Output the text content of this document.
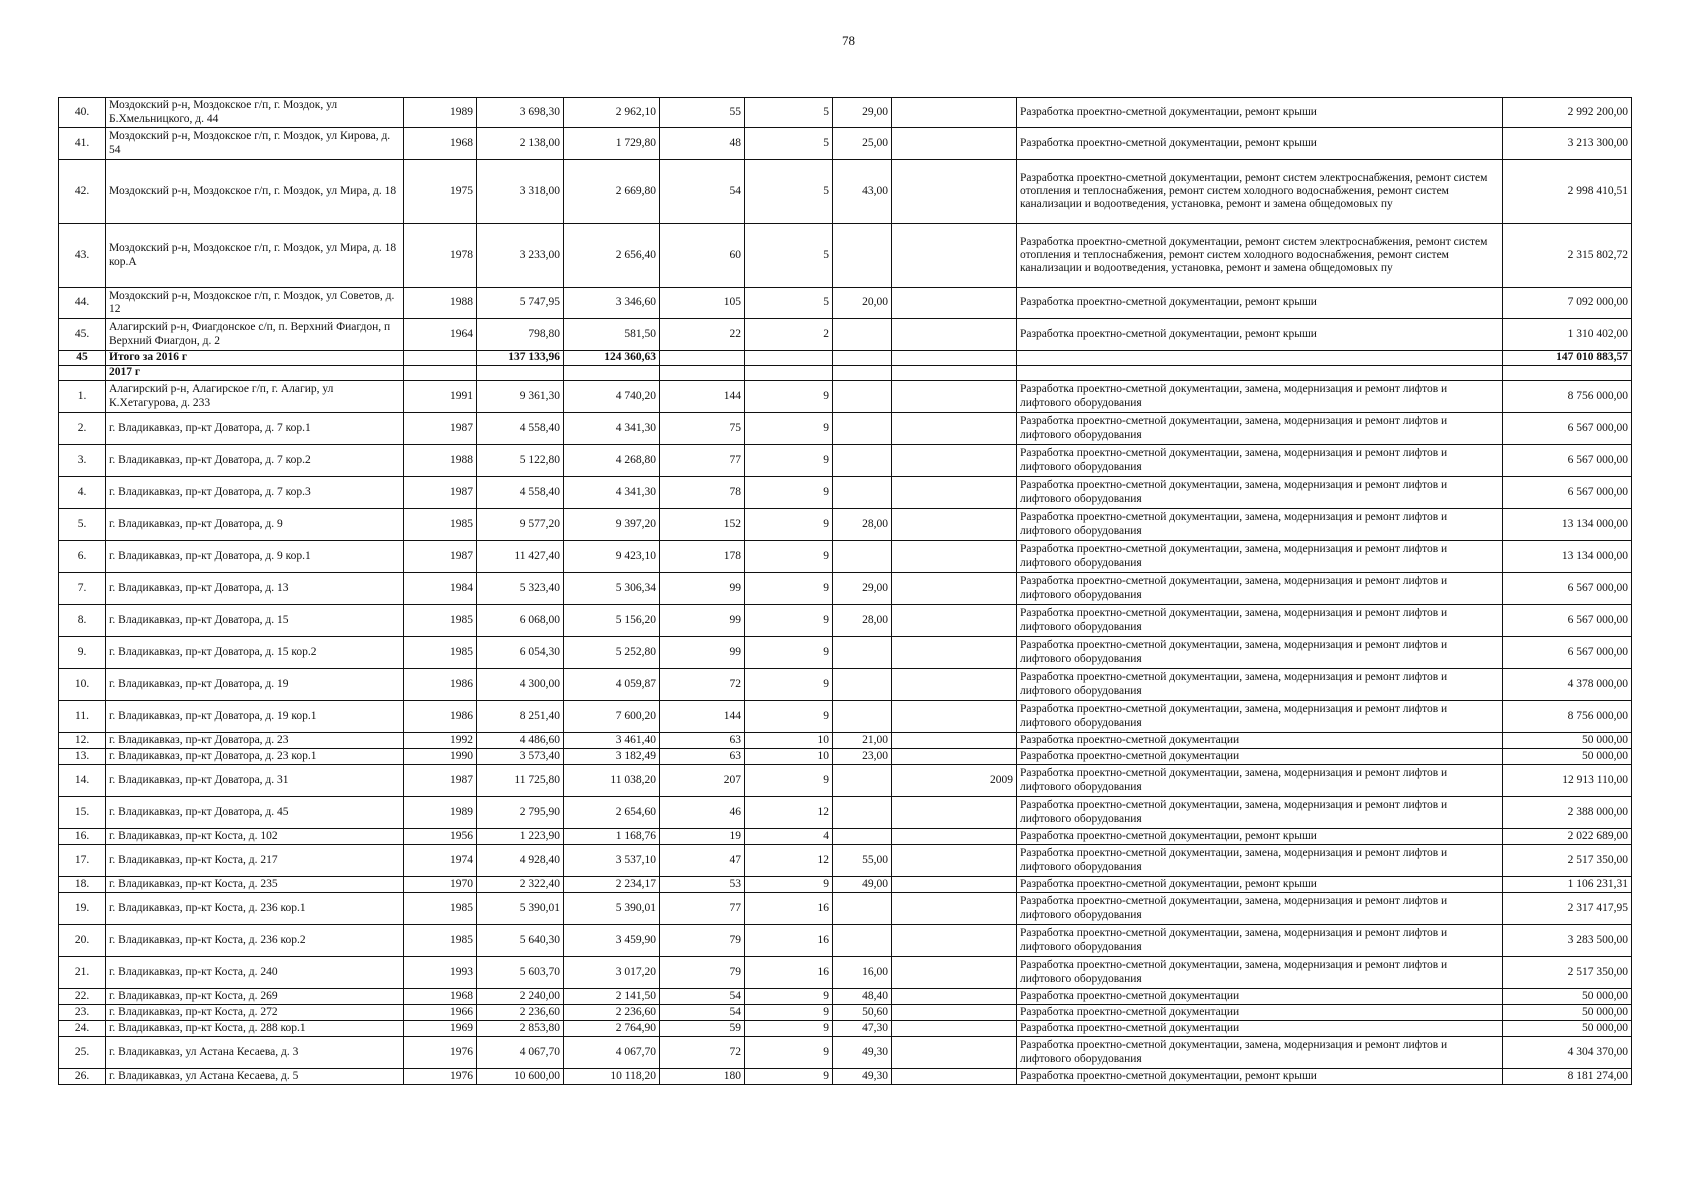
78
40.	Моздокский р-н, Моздокское г/п, г. Моздок, ул Б.Хмельницкого, д. 44	1989	3 698,30	2 962,10	55	5	29,00		Разработка проектно-сметной документации, ремонт крыши	2 992 200,00
41.	Моздокский р-н, Моздокское г/п, г. Моздок, ул Кирова, д. 54	1968	2 138,00	1 729,80	48	5	25,00		Разработка проектно-сметной документации, ремонт крыши	3 213 300,00
42.	Моздокский р-н, Моздокское г/п, г. Моздок, ул Мира, д. 18	1975	3 318,00	2 669,80	54	5	43,00		Разработка проектно-сметной документации, ремонт систем электроснабжения, ремонт систем отопления и теплоснабжения, ремонт систем холодного водоснабжения, ремонт систем канализации и водоотведения, установка, ремонт и замена общедомовых пу	2 998 410,51
43.	Моздокский р-н, Моздокское г/п, г. Моздок, ул Мира, д. 18 кор.А	1978	3 233,00	2 656,40	60	5			Разработка проектно-сметной документации, ремонт систем электроснабжения, ремонт систем отопления и теплоснабжения, ремонт систем холодного водоснабжения, ремонт систем канализации и водоотведения, установка, ремонт и замена общедомовых пу	2 315 802,72
44.	Моздокский р-н, Моздокское г/п, г. Моздок, ул Советов, д. 12	1988	5 747,95	3 346,60	105	5	20,00		Разработка проектно-сметной документации, ремонт крыши	7 092 000,00
45.	Алагирский р-н, Фиагдонское с/п, п. Верхний Фиагдон, п Верхний Фиагдон, д. 2	1964	798,80	581,50	22	2			Разработка проектно-сметной документации, ремонт крыши	1 310 402,00
45	Итого за 2016 г		137 133,96	124 360,63						147 010 883,57
	2017 г									
1.	Алагирский р-н, Алагирское г/п, г. Алагир, ул К.Хетагурова, д. 233	1991	9 361,30	4 740,20	144	9			Разработка проектно-сметной документации, замена, модернизация и ремонт лифтов и лифтового оборудования	8 756 000,00
2.	г. Владикавказ, пр-кт Доватора, д. 7 кор.1	1987	4 558,40	4 341,30	75	9			Разработка проектно-сметной документации, замена, модернизация и ремонт лифтов и лифтового оборудования	6 567 000,00
3.	г. Владикавказ, пр-кт Доватора, д. 7 кор.2	1988	5 122,80	4 268,80	77	9			Разработка проектно-сметной документации, замена, модернизация и ремонт лифтов и лифтового оборудования	6 567 000,00
4.	г. Владикавказ, пр-кт Доватора, д. 7 кор.3	1987	4 558,40	4 341,30	78	9			Разработка проектно-сметной документации, замена, модернизация и ремонт лифтов и лифтового оборудования	6 567 000,00
5.	г. Владикавказ, пр-кт Доватора, д. 9	1985	9 577,20	9 397,20	152	9	28,00		Разработка проектно-сметной документации, замена, модернизация и ремонт лифтов и лифтового оборудования	13 134 000,00
6.	г. Владикавказ, пр-кт Доватора, д. 9 кор.1	1987	11 427,40	9 423,10	178	9			Разработка проектно-сметной документации, замена, модернизация и ремонт лифтов и лифтового оборудования	13 134 000,00
7.	г. Владикавказ, пр-кт Доватора, д. 13	1984	5 323,40	5 306,34	99	9	29,00		Разработка проектно-сметной документации, замена, модернизация и ремонт лифтов и лифтового оборудования	6 567 000,00
8.	г. Владикавказ, пр-кт Доватора, д. 15	1985	6 068,00	5 156,20	99	9	28,00		Разработка проектно-сметной документации, замена, модернизация и ремонт лифтов и лифтового оборудования	6 567 000,00
9.	г. Владикавказ, пр-кт Доватора, д. 15 кор.2	1985	6 054,30	5 252,80	99	9			Разработка проектно-сметной документации, замена, модернизация и ремонт лифтов и лифтового оборудования	6 567 000,00
10.	г. Владикавказ, пр-кт Доватора, д. 19	1986	4 300,00	4 059,87	72	9			Разработка проектно-сметной документации, замена, модернизация и ремонт лифтов и лифтового оборудования	4 378 000,00
11.	г. Владикавказ, пр-кт Доватора, д. 19 кор.1	1986	8 251,40	7 600,20	144	9			Разработка проектно-сметной документации, замена, модернизация и ремонт лифтов и лифтового оборудования	8 756 000,00
12.	г. Владикавказ, пр-кт Доватора, д. 23	1992	4 486,60	3 461,40	63	10	21,00		Разработка проектно-сметной документации	50 000,00
13.	г. Владикавказ, пр-кт Доватора, д. 23 кор.1	1990	3 573,40	3 182,49	63	10	23,00		Разработка проектно-сметной документации	50 000,00
14.	г. Владикавказ, пр-кт Доватора, д. 31	1987	11 725,80	11 038,20	207	9		2009	Разработка проектно-сметной документации, замена, модернизация и ремонт лифтов и лифтового оборудования	12 913 110,00
15.	г. Владикавказ, пр-кт Доватора, д. 45	1989	2 795,90	2 654,60	46	12			Разработка проектно-сметной документации, замена, модернизация и ремонт лифтов и лифтового оборудования	2 388 000,00
16.	г. Владикавказ, пр-кт Коста, д. 102	1956	1 223,90	1 168,76	19	4			Разработка проектно-сметной документации, ремонт крыши	2 022 689,00
17.	г. Владикавказ, пр-кт Коста, д. 217	1974	4 928,40	3 537,10	47	12	55,00		Разработка проектно-сметной документации, замена, модернизация и ремонт лифтов и лифтового оборудования	2 517 350,00
18.	г. Владикавказ, пр-кт Коста, д. 235	1970	2 322,40	2 234,17	53	9	49,00		Разработка проектно-сметной документации, ремонт крыши	1 106 231,31
19.	г. Владикавказ, пр-кт Коста, д. 236 кор.1	1985	5 390,01	5 390,01	77	16			Разработка проектно-сметной документации, замена, модернизация и ремонт лифтов и лифтового оборудования	2 317 417,95
20.	г. Владикавказ, пр-кт Коста, д. 236 кор.2	1985	5 640,30	3 459,90	79	16			Разработка проектно-сметной документации, замена, модернизация и ремонт лифтов и лифтового оборудования	3 283 500,00
21.	г. Владикавказ, пр-кт Коста, д. 240	1993	5 603,70	3 017,20	79	16	16,00		Разработка проектно-сметной документации, замена, модернизация и ремонт лифтов и лифтового оборудования	2 517 350,00
22.	г. Владикавказ, пр-кт Коста, д. 269	1968	2 240,00	2 141,50	54	9	48,40		Разработка проектно-сметной документации	50 000,00
23.	г. Владикавказ, пр-кт Коста, д. 272	1966	2 236,60	2 236,60	54	9	50,60		Разработка проектно-сметной документации	50 000,00
24.	г. Владикавказ, пр-кт Коста, д. 288 кор.1	1969	2 853,80	2 764,90	59	9	47,30		Разработка проектно-сметной документации	50 000,00
25.	г. Владикавказ, ул Астана Кесаева, д. 3	1976	4 067,70	4 067,70	72	9	49,30		Разработка проектно-сметной документации, замена, модернизация и ремонт лифтов и лифтового оборудования	4 304 370,00
26.	г. Владикавказ, ул Астана Кесаева, д. 5	1976	10 600,00	10 118,20	180	9	49,30		Разработка проектно-сметной документации, ремонт крыши	8 181 274,00
